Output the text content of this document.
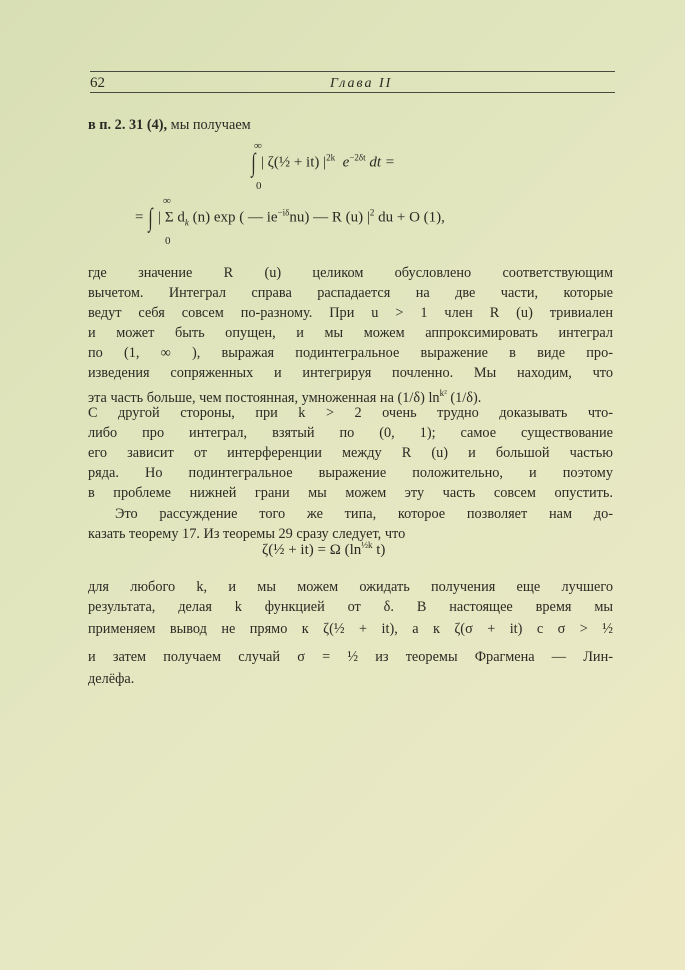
62	Глава II
в п. 2. 31 (4), мы получаем
∞
0
∫ | ζ(½ + it) $|^{2k}$ $e^{-2\delta t}$ dt =
∞
0
= ∫ | Σ $d_k$ (n) exp ( — $ie^{-i\delta}nu$) — R (u) $|^2$ du + O (1),
где значение R (u) целиком обусловлено соответствующим
вычетом. Интеграл справа распадается на две части, которые
ведут себя совсем по-разному. При u > 1 член R (u) тривиален
и может быть опущен, и мы можем аппроксимировать интеграл
по (1, ∞ ), выражая подинтегральное выражение в виде про-
изведения сопряженных и интегрируя почленно. Мы находим, что
эта часть больше, чем постоянная, умноженная на (1/δ) $\ln^{k^2} (1/\delta)$.
С другой стороны, при k > 2 очень трудно доказывать что-
либо про интеграл, взятый по (0, 1); самое существование
его зависит от интерференции между R (u) и большой частью
ряда. Но подинтегральное выражение положительно, и поэтому
в проблеме нижней грани мы можем эту часть совсем опустить.
Это рассуждение того же типа, которое позволяет нам до-
казать теорему 17. Из теоремы 29 сразу следует, что
ζ(½ + it) = Ω ($\ln^{\frac{1}{2}k}$ t)
для любого k, и мы можем ожидать получения еще лучшего
результата, делая k функцией от δ. В настоящее время мы
применяем вывод не прямо к ζ(½ + it), а к ζ(σ + it) с σ > ½
и затем получаем случай σ = ½ из теоремы Фрагмена — Лин-
делёфа.
